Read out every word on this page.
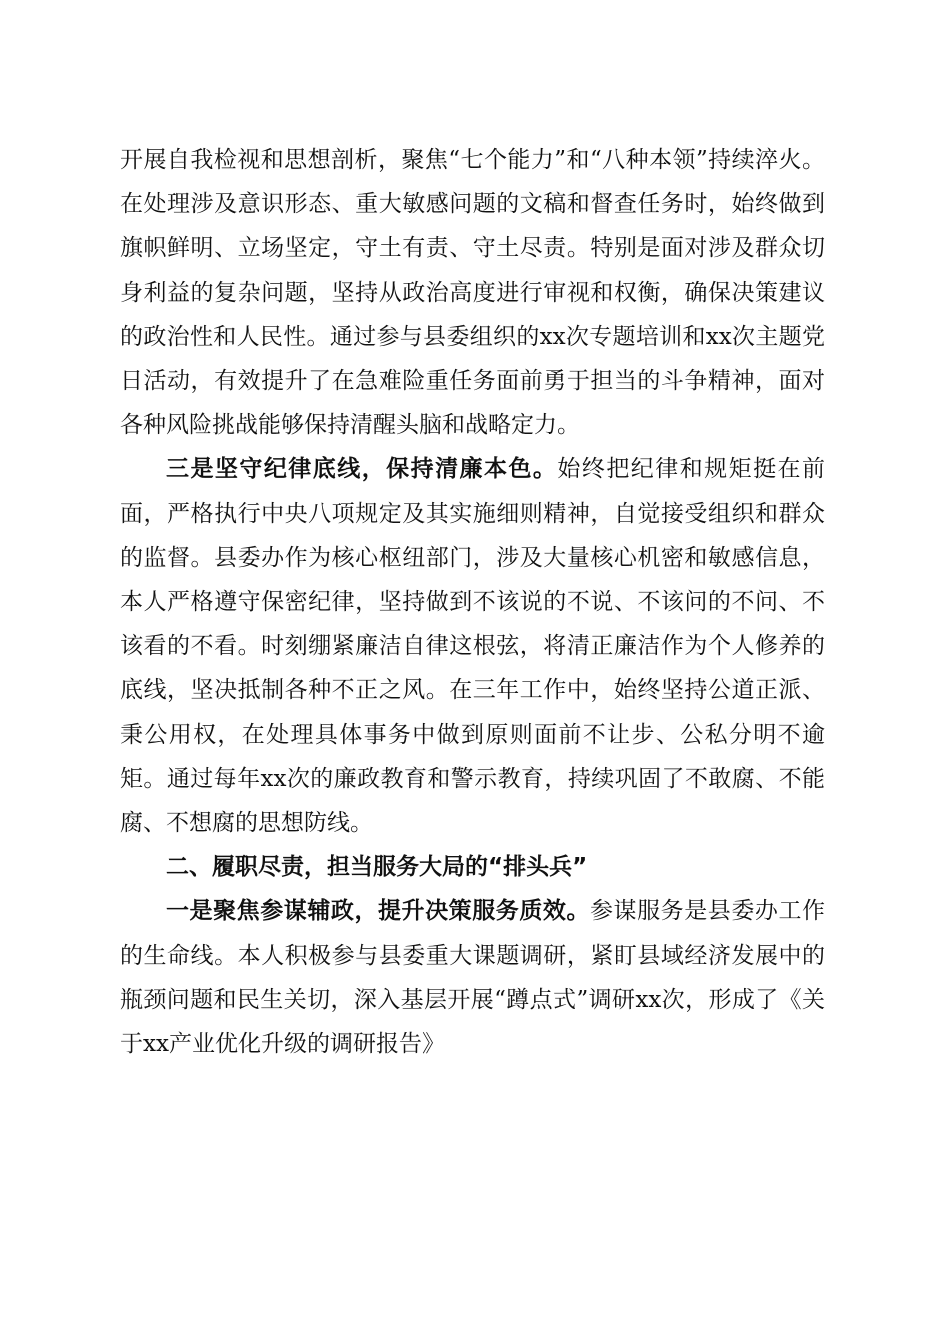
开展自我检视和思想剖析，聚焦“七个能力”和“八种本领”持续淬火。在处理涉及意识形态、重大敏感问题的文稿和督查任务时，始终做到旗帜鲜明、立场坚定，守土有责、守土尽责。特别是面对涉及群众切身利益的复杂问题，坚持从政治高度进行审视和权衡，确保决策建议的政治性和人民性。通过参与县委组织的xx次专题培训和xx次主题党日活动，有效提升了在急难险重任务面前勇于担当的斗争精神，面对各种风险挑战能够保持清醒头脑和战略定力。

三是坚守纪律底线，保持清廉本色。始终把纪律和规矩挺在前面，严格执行中央八项规定及其实施细则精神，自觉接受组织和群众的监督。县委办作为核心枢纽部门，涉及大量核心机密和敏感信息，本人严格遵守保密纪律，坚持做到不该说的不说、不该问的不问、不该看的不看。时刻绷紧廉洁自律这根弦，将清正廉洁作为个人修养的底线，坚决抵制各种不正之风。在三年工作中，始终坚持公道正派、秉公用权，在处理具体事务中做到原则面前不让步、公私分明不逾矩。通过每年xx次的廉政教育和警示教育，持续巩固了不敢腐、不能腐、不想腐的思想防线。

二、履职尽责，担当服务大局的“排头兵”

一是聚焦参谋辅政，提升决策服务质效。参谋服务是县委办工作的生命线。本人积极参与县委重大课题调研，紧盯县域经济发展中的瓶颈问题和民生关切，深入基层开展“蹲点式”调研xx次，形成了《关于xx产业优化升级的调研报告》
